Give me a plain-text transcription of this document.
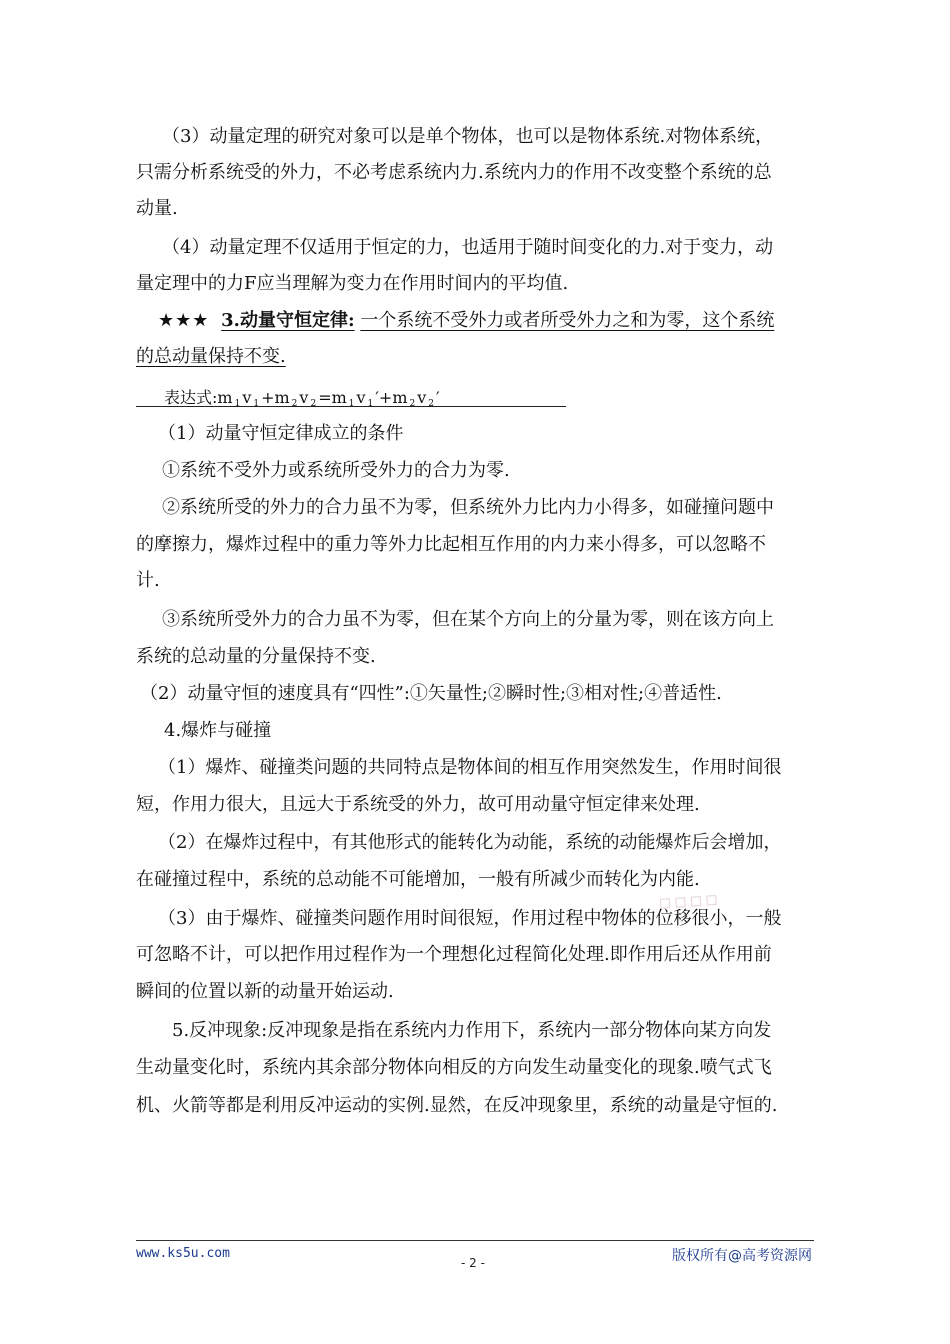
（3）动量定理的研究对象可以是单个物体，也可以是物体系统.对物体系统，
只需分析系统受的外力，不必考虑系统内力.系统内力的作用不改变整个系统的总
动量.
（4）动量定理不仅适用于恒定的力，也适用于随时间变化的力.对于变力，动
量定理中的力F应当理解为变力在作用时间内的平均值.
★★★ 3.动量守恒定律: 一个系统不受外力或者所受外力之和为零，这个系统
的总动量保持不变.
表达式:m $_1$ v $_1$ +m $_2$ v $_2$ =m $_1$ v $_1$ ′+m $_2$ v $_2$ ′
（1）动量守恒定律成立的条件
①系统不受外力或系统所受外力的合力为零.
②系统所受的外力的合力虽不为零，但系统外力比内力小得多，如碰撞问题中
的摩擦力，爆炸过程中的重力等外力比起相互作用的内力来小得多，可以忽略不
计.
③系统所受外力的合力虽不为零，但在某个方向上的分量为零，则在该方向上
系统的总动量的分量保持不变.
（2）动量守恒的速度具有“四性”:①矢量性;②瞬时性;③相对性;④普适性.
4.爆炸与碰撞
（1）爆炸、碰撞类问题的共同特点是物体间的相互作用突然发生，作用时间很
短，作用力很大，且远大于系统受的外力，故可用动量守恒定律来处理.
（2）在爆炸过程中，有其他形式的能转化为动能，系统的动能爆炸后会增加，
在碰撞过程中，系统的总动能不可能增加，一般有所减少而转化为内能.
（3）由于爆炸、碰撞类问题作用时间很短，作用过程中物体的位移很小，一般
可忽略不计，可以把作用过程作为一个理想化过程简化处理.即作用后还从作用前
瞬间的位置以新的动量开始运动.
5.反冲现象:反冲现象是指在系统内力作用下，系统内一部分物体向某方向发
生动量变化时，系统内其余部分物体向相反的方向发生动量变化的现象.喷气式飞
机、火箭等都是利用反冲运动的实例.显然，在反冲现象里，系统的动量是守恒的.
▫▫▫▫
www.ks5u.com
- 2 -	版权所有@高考资源网
